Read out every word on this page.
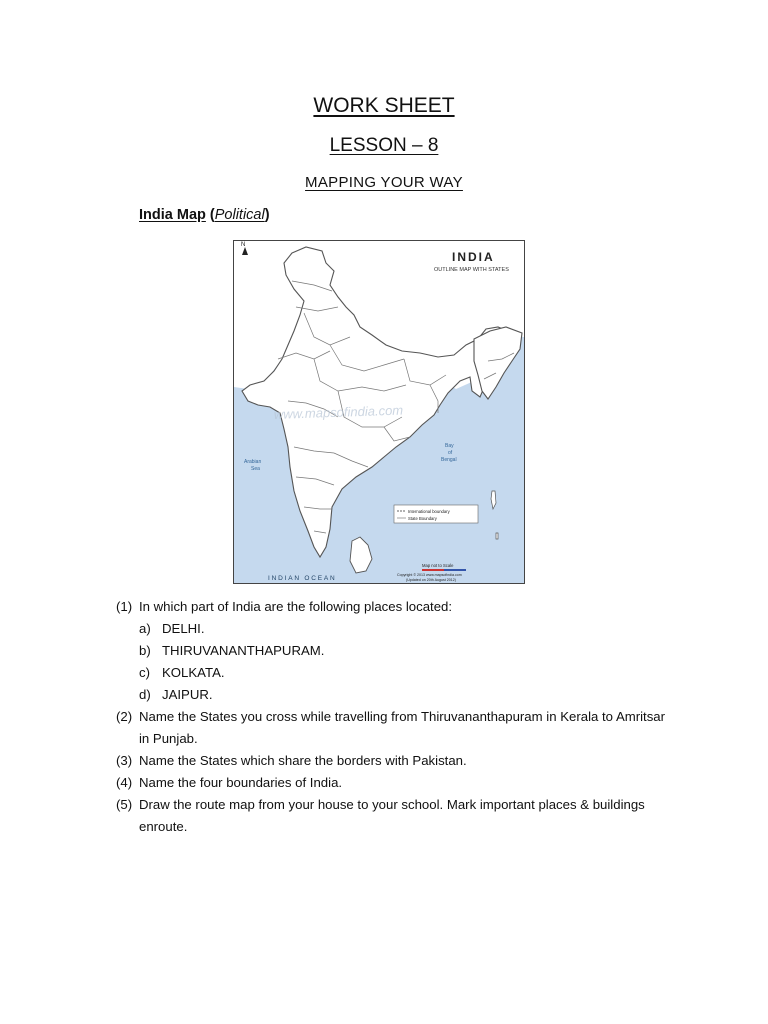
WORK SHEET
LESSON – 8
MAPPING YOUR WAY
India Map (Political)
N
INDIA
OUTLINE MAP WITH STATES
www.mapsofindia.com
Arabian
Sea
Bay
of
Bengal
INDIAN OCEAN
International boundary
State Boundary
Map not to Scale
Copyright © 2013 www.mapsofindia.com
(Updated on 20th August 2012)
(1) In which part of India are the following places located:
a) DELHI.
b) THIRUVANANTHAPURAM.
c) KOLKATA.
d) JAIPUR.
(2) Name the States you cross while travelling from Thiruvananthapuram in Kerala to Amritsar in Punjab.
(3) Name the States which share the borders with Pakistan.
(4) Name the four boundaries of India.
(5) Draw the route map from your house to your school. Mark important places & buildings enroute.
